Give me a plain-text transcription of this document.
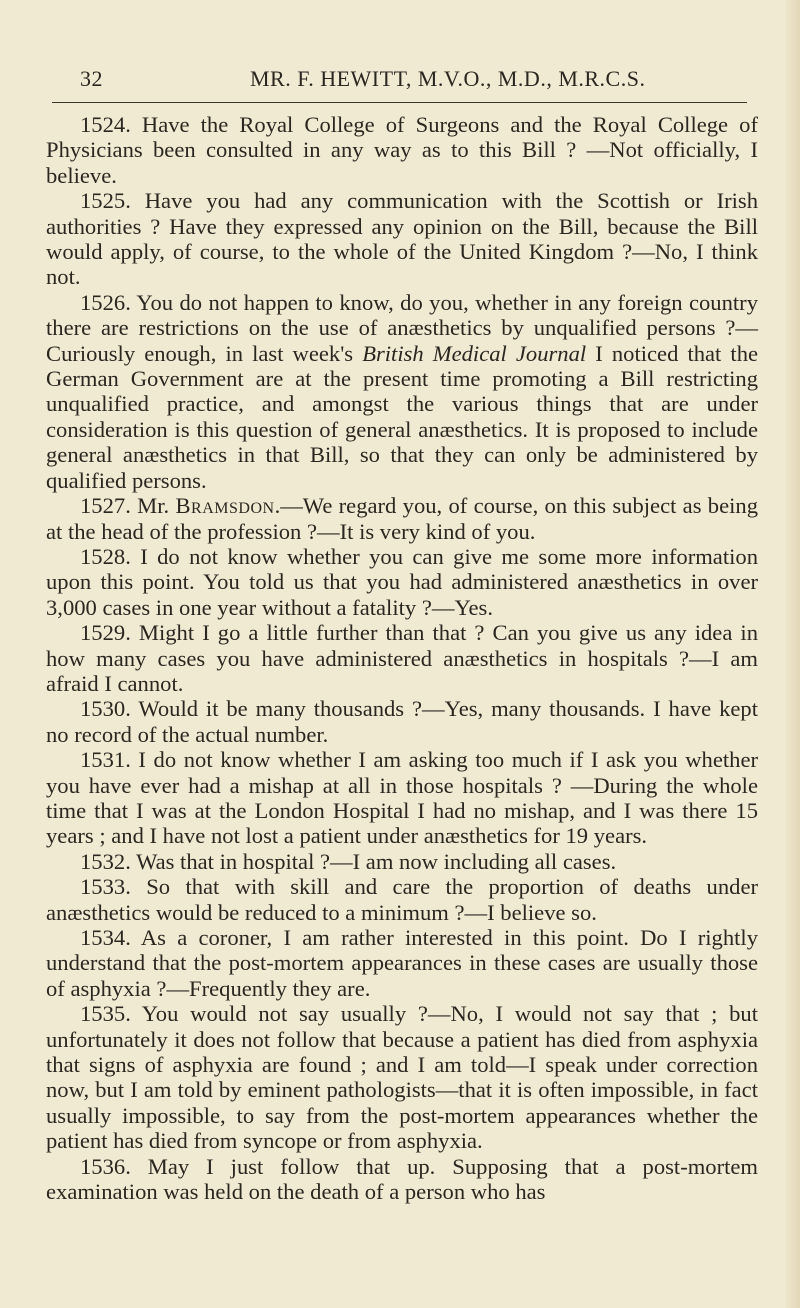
32	MR. F. HEWITT, M.V.O., M.D., M.R.C.S.

1524. Have the Royal College of Surgeons and the Royal College of Physicians been consulted in any way as to this Bill ? —Not officially, I believe.

1525. Have you had any communication with the Scottish or Irish authorities ? Have they expressed any opinion on the Bill, because the Bill would apply, of course, to the whole of the United Kingdom ?—No, I think not.

1526. You do not happen to know, do you, whether in any foreign country there are restrictions on the use of anæsthetics by unqualified persons ?—Curiously enough, in last week's British Medical Journal I noticed that the German Government are at the present time promoting a Bill restricting unqualified practice, and amongst the various things that are under consideration is this question of general anæsthetics. It is proposed to include general anæsthetics in that Bill, so that they can only be administered by qualified persons.

1527. Mr. Bramsdon.—We regard you, of course, on this subject as being at the head of the profession ?—It is very kind of you.

1528. I do not know whether you can give me some more information upon this point. You told us that you had administered anæsthetics in over 3,000 cases in one year without a fatality ?—Yes.

1529. Might I go a little further than that ? Can you give us any idea in how many cases you have administered anæsthetics in hospitals ?—I am afraid I cannot.

1530. Would it be many thousands ?—Yes, many thousands. I have kept no record of the actual number.

1531. I do not know whether I am asking too much if I ask you whether you have ever had a mishap at all in those hospitals ? —During the whole time that I was at the London Hospital I had no mishap, and I was there 15 years ; and I have not lost a patient under anæsthetics for 19 years.

1532. Was that in hospital ?—I am now including all cases.

1533. So that with skill and care the proportion of deaths under anæsthetics would be reduced to a minimum ?—I believe so.

1534. As a coroner, I am rather interested in this point. Do I rightly understand that the post-mortem appearances in these cases are usually those of asphyxia ?—Frequently they are.

1535. You would not say usually ?—No, I would not say that ; but unfortunately it does not follow that because a patient has died from asphyxia that signs of asphyxia are found ; and I am told—I speak under correction now, but I am told by eminent pathologists—that it is often impossible, in fact usually impossible, to say from the post-mortem appearances whether the patient has died from syncope or from asphyxia.

1536. May I just follow that up. Supposing that a post-mortem examination was held on the death of a person who has
